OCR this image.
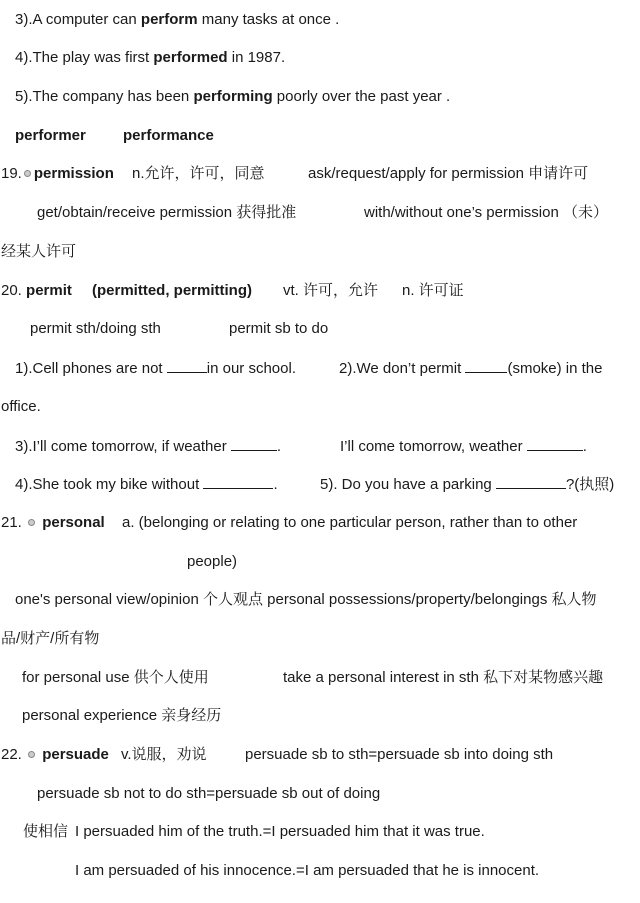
3).A computer can perform many tasks at once .
4).The play was first performed in 1987.
5).The company has been performing poorly over the past year .
performer performance
19. permission n.允许，许可，同意	ask/request/apply for permission 申请许可
get/obtain/receive permission 获得批准	with/without one’s permission （未）
经某人许可
20. permit (permitted, permitting) vt. 许可，允许 n. 许可证
permit sth/doing sth	permit sb to do
1).Cell phones are not	in our school.	2).We don’t permit	(smoke) in the
office.
3).I’ll come tomorrow, if weather	.	I’ll come tomorrow, weather	.
4).She took my bike without	.	5). Do you have a parking	?(执照)
21. personal a. (belonging or relating to one particular person, rather than to other
people)
one's personal view/opinion 个人观点 personal possessions/property/belongings 私人物
品/财产/所有物
for personal use 供个人使用	take a personal interest in sth 私下对某物感兴趣
personal experience 亲身经历
22. persuade v.说服，劝说	persuade sb to sth=persuade sb into doing sth
persuade sb not to do sth=persuade sb out of doing
使相信 I persuaded him of the truth.=I persuaded him that it was true.
I am persuaded of his innocence.=I am persuaded that he is innocent.
